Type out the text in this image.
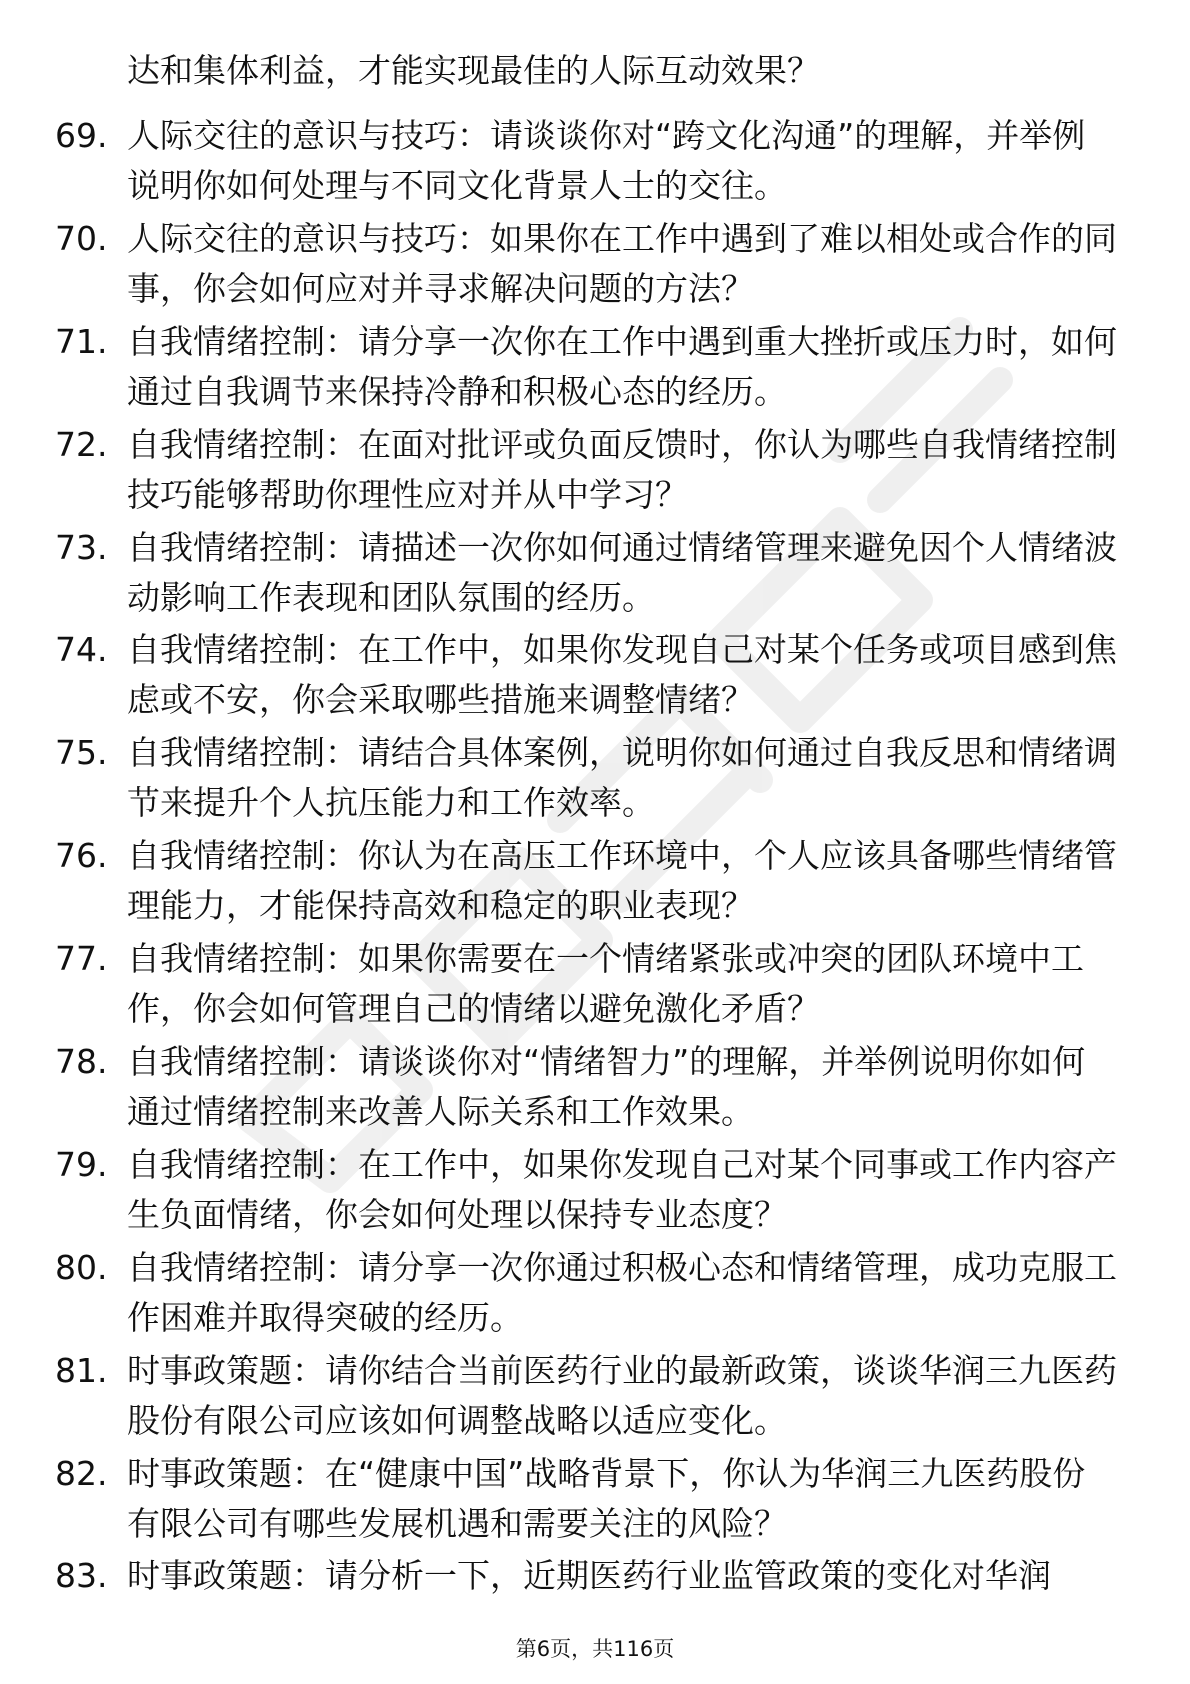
达和集体利益，才能实现最佳的人际互动效果？
69. 人际交往的意识与技巧：请谈谈你对“跨文化沟通”的理解，并举例说明你如何处理与不同文化背景人士的交往。
70. 人际交往的意识与技巧：如果你在工作中遇到了难以相处或合作的同事，你会如何应对并寻求解决问题的方法？
71. 自我情绪控制：请分享一次你在工作中遇到重大挫折或压力时，如何通过自我调节来保持冷静和积极心态的经历。
72. 自我情绪控制：在面对批评或负面反馈时，你认为哪些自我情绪控制技巧能够帮助你理性应对并从中学习？
73. 自我情绪控制：请描述一次你如何通过情绪管理来避免因个人情绪波动影响工作表现和团队氛围的经历。
74. 自我情绪控制：在工作中，如果你发现自己对某个任务或项目感到焦虑或不安，你会采取哪些措施来调整情绪？
75. 自我情绪控制：请结合具体案例，说明你如何通过自我反思和情绪调节来提升个人抗压能力和工作效率。
76. 自我情绪控制：你认为在高压工作环境中，个人应该具备哪些情绪管理能力，才能保持高效和稳定的职业表现？
77. 自我情绪控制：如果你需要在一个情绪紧张或冲突的团队环境中工作，你会如何管理自己的情绪以避免激化矛盾？
78. 自我情绪控制：请谈谈你对“情绪智力”的理解，并举例说明你如何通过情绪控制来改善人际关系和工作效果。
79. 自我情绪控制：在工作中，如果你发现自己对某个同事或工作内容产生负面情绪，你会如何处理以保持专业态度？
80. 自我情绪控制：请分享一次你通过积极心态和情绪管理，成功克服工作困难并取得突破的经历。
81. 时事政策题：请你结合当前医药行业的最新政策，谈谈华润三九医药股份有限公司应该如何调整战略以适应变化。
82. 时事政策题：在“健康中国”战略背景下，你认为华润三九医药股份有限公司有哪些发展机遇和需要关注的风险？
83. 时事政策题：请分析一下，近期医药行业监管政策的变化对华润
第6页，共116页
